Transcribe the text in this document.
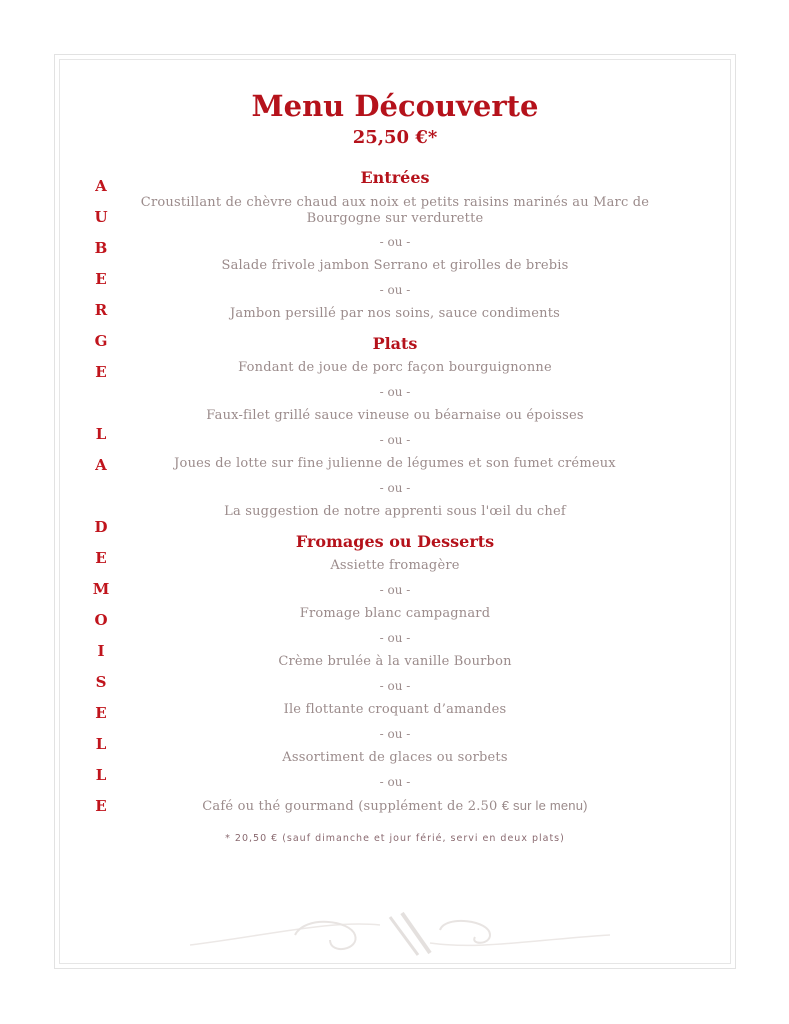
A
U
B
E
R
G
E
L
A
D
E
M
O
I
S
E
L
L
E
Menu Découverte
25,50 €*
Entrées
Croustillant de chèvre chaud aux noix et petits raisins marinés au Marc de Bourgogne sur verdurette
- ou -
Salade frivole jambon Serrano et girolles de brebis
- ou -
Jambon persillé par nos soins, sauce condiments
Plats
Fondant de joue de porc façon bourguignonne
- ou -
Faux-filet grillé sauce vineuse ou béarnaise ou époisses
- ou -
Joues de lotte sur fine julienne de légumes et son fumet crémeux
- ou -
La suggestion de notre apprenti sous l'œil du chef
Fromages ou Desserts
Assiette fromagère
- ou -
Fromage blanc campagnard
- ou -
Crème brulée à la vanille Bourbon
- ou -
Ile flottante croquant d’amandes
- ou -
Assortiment de glaces ou sorbets
- ou -
Café ou thé gourmand (supplément de 2.50 € sur le menu)
* 20,50 € (sauf dimanche et jour férié, servi en deux plats)
